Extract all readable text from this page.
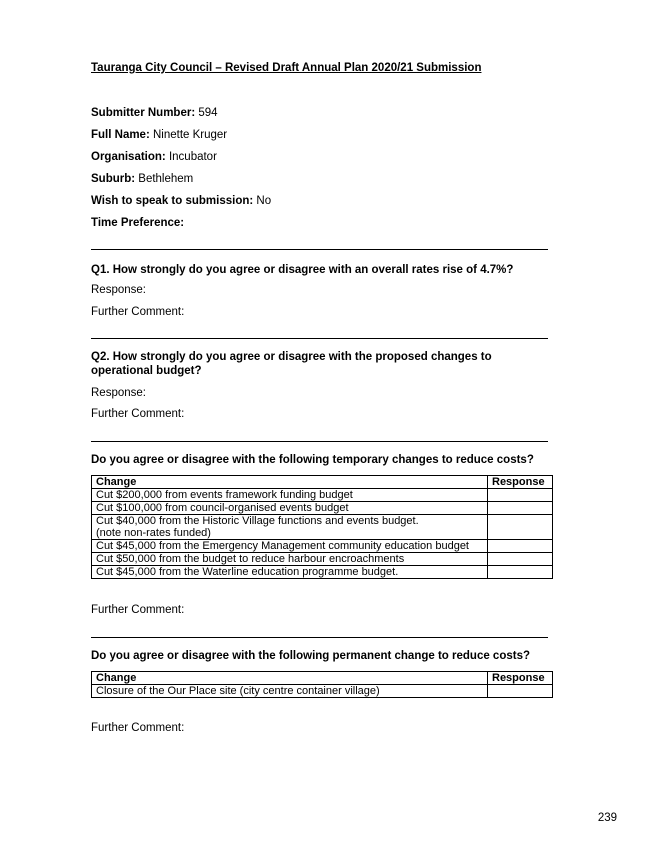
Tauranga City Council – Revised Draft Annual Plan 2020/21 Submission
Submitter Number: 594
Full Name: Ninette Kruger
Organisation: Incubator
Suburb: Bethlehem
Wish to speak to submission: No
Time Preference:
Q1. How strongly do you agree or disagree with an overall rates rise of 4.7%?
Response:
Further Comment:
Q2. How strongly do you agree or disagree with the proposed changes to operational budget?
Response:
Further Comment:
Do you agree or disagree with the following temporary changes to reduce costs?
Change	Response
Cut $200,000 from events framework funding budget	
Cut $100,000 from council-organised events budget	
Cut $40,000 from the Historic Village functions and events budget.
(note non-rates funded)	
Cut $45,000 from the Emergency Management community education budget	
Cut $50,000 from the budget to reduce harbour encroachments	
Cut $45,000 from the Waterline education programme budget.	
Further Comment:
Do you agree or disagree with the following permanent change to reduce costs?
Change	Response
Closure of the Our Place site (city centre container village)	
Further Comment:
239
